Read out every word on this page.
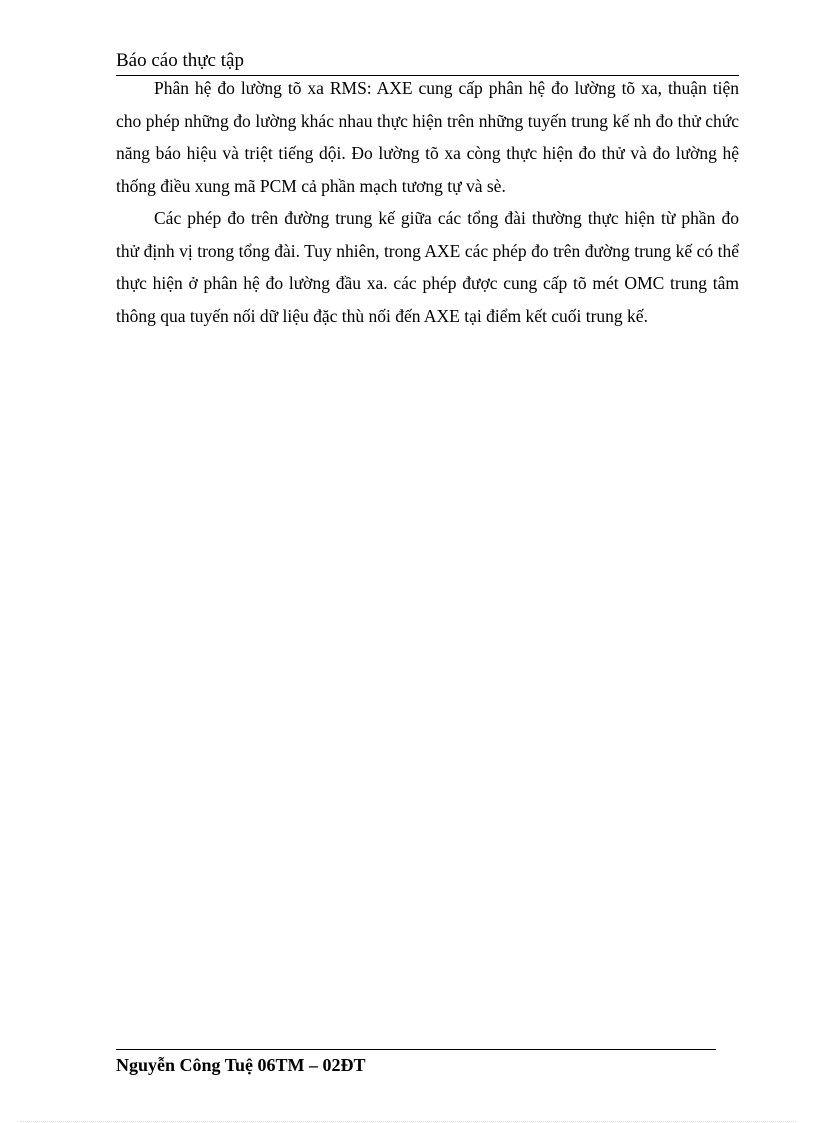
Báo cáo thực tập

Phân hệ đo lường tõ xa RMS: AXE cung cấp phân hệ đo lường tõ xa, thuận tiện cho phép những đo lường khác nhau thực hiện trên những tuyến trung kế nh đo thử chức năng báo hiệu và triệt tiếng dội. Đo lường tõ xa còng thực hiện đo thử và đo lường hệ thống điều xung mã PCM cả phần mạch tương tự và sè.

Các phép đo trên đường trung kế giữa các tổng đài thường thực hiện từ phần đo thử định vị trong tổng đài. Tuy nhiên, trong AXE các phép đo trên đường trung kế có thể thực hiện ở phân hệ đo lường đầu xa. các phép được cung cấp tõ mét OMC trung tâm thông qua tuyến nối dữ liệu đặc thù nối đến AXE tại điểm kết cuối trung kế.

Nguyễn Công Tuệ 06TM – 02ĐT
